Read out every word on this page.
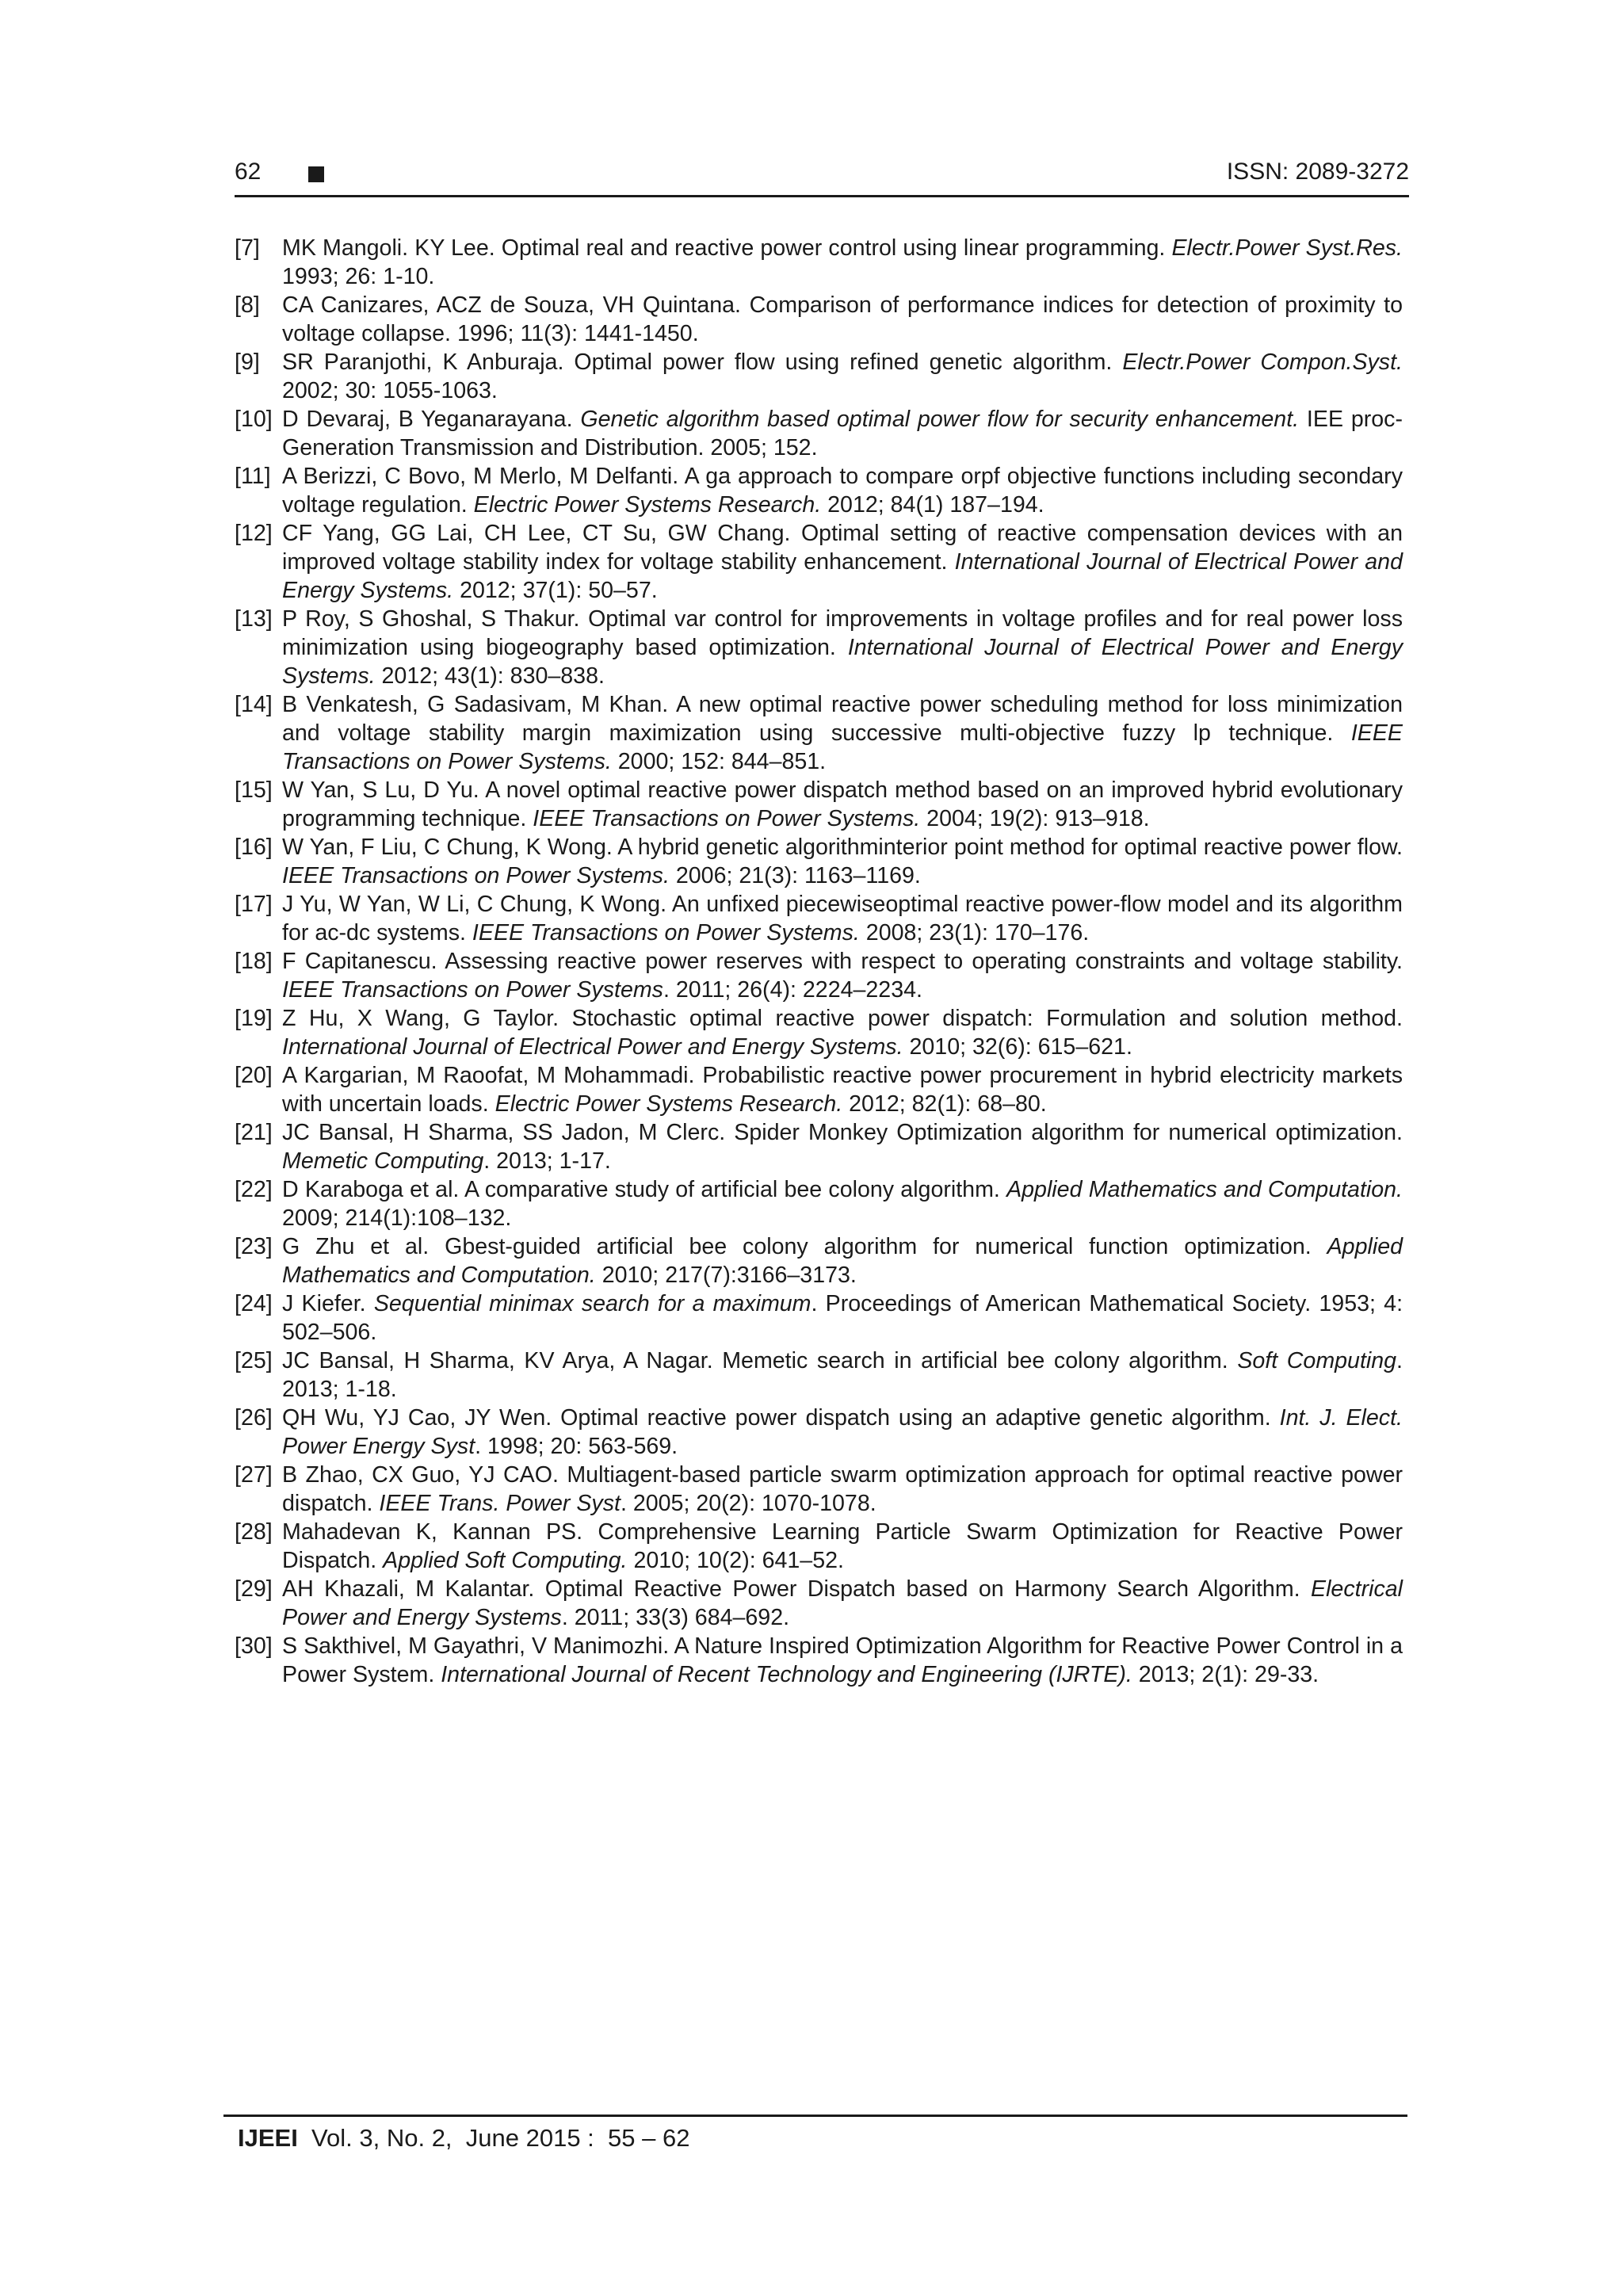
62	ISSN: 2089-3272
[7] MK Mangoli. KY Lee. Optimal real and reactive power control using linear programming. Electr.Power Syst.Res. 1993; 26: 1-10.
[8] CA Canizares, ACZ de Souza, VH Quintana. Comparison of performance indices for detection of proximity to voltage collapse. 1996; 11(3): 1441-1450.
[9] SR Paranjothi, K Anburaja. Optimal power flow using refined genetic algorithm. Electr.Power Compon.Syst. 2002; 30: 1055-1063.
[10] D Devaraj, B Yeganarayana. Genetic algorithm based optimal power flow for security enhancement. IEE proc-Generation Transmission and Distribution. 2005; 152.
[11] A Berizzi, C Bovo, M Merlo, M Delfanti. A ga approach to compare orpf objective functions including secondary voltage regulation. Electric Power Systems Research. 2012; 84(1) 187–194.
[12] CF Yang, GG Lai, CH Lee, CT Su, GW Chang. Optimal setting of reactive compensation devices with an improved voltage stability index for voltage stability enhancement. International Journal of Electrical Power and Energy Systems. 2012; 37(1): 50–57.
[13] P Roy, S Ghoshal, S Thakur. Optimal var control for improvements in voltage profiles and for real power loss minimization using biogeography based optimization. International Journal of Electrical Power and Energy Systems. 2012; 43(1): 830–838.
[14] B Venkatesh, G Sadasivam, M Khan. A new optimal reactive power scheduling method for loss minimization and voltage stability margin maximization using successive multi-objective fuzzy lp technique. IEEE Transactions on Power Systems. 2000; 152: 844–851.
[15] W Yan, S Lu, D Yu. A novel optimal reactive power dispatch method based on an improved hybrid evolutionary programming technique. IEEE Transactions on Power Systems. 2004; 19(2): 913–918.
[16] W Yan, F Liu, C Chung, K Wong. A hybrid genetic algorithminterior point method for optimal reactive power flow. IEEE Transactions on Power Systems. 2006; 21(3): 1163–1169.
[17] J Yu, W Yan, W Li, C Chung, K Wong. An unfixed piecewiseoptimal reactive power-flow model and its algorithm for ac-dc systems. IEEE Transactions on Power Systems. 2008; 23(1): 170–176.
[18] F Capitanescu. Assessing reactive power reserves with respect to operating constraints and voltage stability. IEEE Transactions on Power Systems. 2011; 26(4): 2224–2234.
[19] Z Hu, X Wang, G Taylor. Stochastic optimal reactive power dispatch: Formulation and solution method. International Journal of Electrical Power and Energy Systems. 2010; 32(6): 615–621.
[20] A Kargarian, M Raoofat, M Mohammadi. Probabilistic reactive power procurement in hybrid electricity markets with uncertain loads. Electric Power Systems Research. 2012; 82(1): 68–80.
[21] JC Bansal, H Sharma, SS Jadon, M Clerc. Spider Monkey Optimization algorithm for numerical optimization. Memetic Computing. 2013; 1-17.
[22] D Karaboga et al. A comparative study of artificial bee colony algorithm. Applied Mathematics and Computation. 2009; 214(1):108–132.
[23] G Zhu et al. Gbest-guided artificial bee colony algorithm for numerical function optimization. Applied Mathematics and Computation. 2010; 217(7):3166–3173.
[24] J Kiefer. Sequential minimax search for a maximum. Proceedings of American Mathematical Society. 1953; 4: 502–506.
[25] JC Bansal, H Sharma, KV Arya, A Nagar. Memetic search in artificial bee colony algorithm. Soft Computing. 2013; 1-18.
[26] QH Wu, YJ Cao, JY Wen. Optimal reactive power dispatch using an adaptive genetic algorithm. Int. J. Elect. Power Energy Syst. 1998; 20: 563-569.
[27] B Zhao, CX Guo, YJ CAO. Multiagent-based particle swarm optimization approach for optimal reactive power dispatch. IEEE Trans. Power Syst. 2005; 20(2): 1070-1078.
[28] Mahadevan K, Kannan PS. Comprehensive Learning Particle Swarm Optimization for Reactive Power Dispatch. Applied Soft Computing. 2010; 10(2): 641–52.
[29] AH Khazali, M Kalantar. Optimal Reactive Power Dispatch based on Harmony Search Algorithm. Electrical Power and Energy Systems. 2011; 33(3) 684–692.
[30] S Sakthivel, M Gayathri, V Manimozhi. A Nature Inspired Optimization Algorithm for Reactive Power Control in a Power System. International Journal of Recent Technology and Engineering (IJRTE). 2013; 2(1): 29-33.
IJEEI  Vol. 3, No. 2,  June 2015 :  55 – 62
